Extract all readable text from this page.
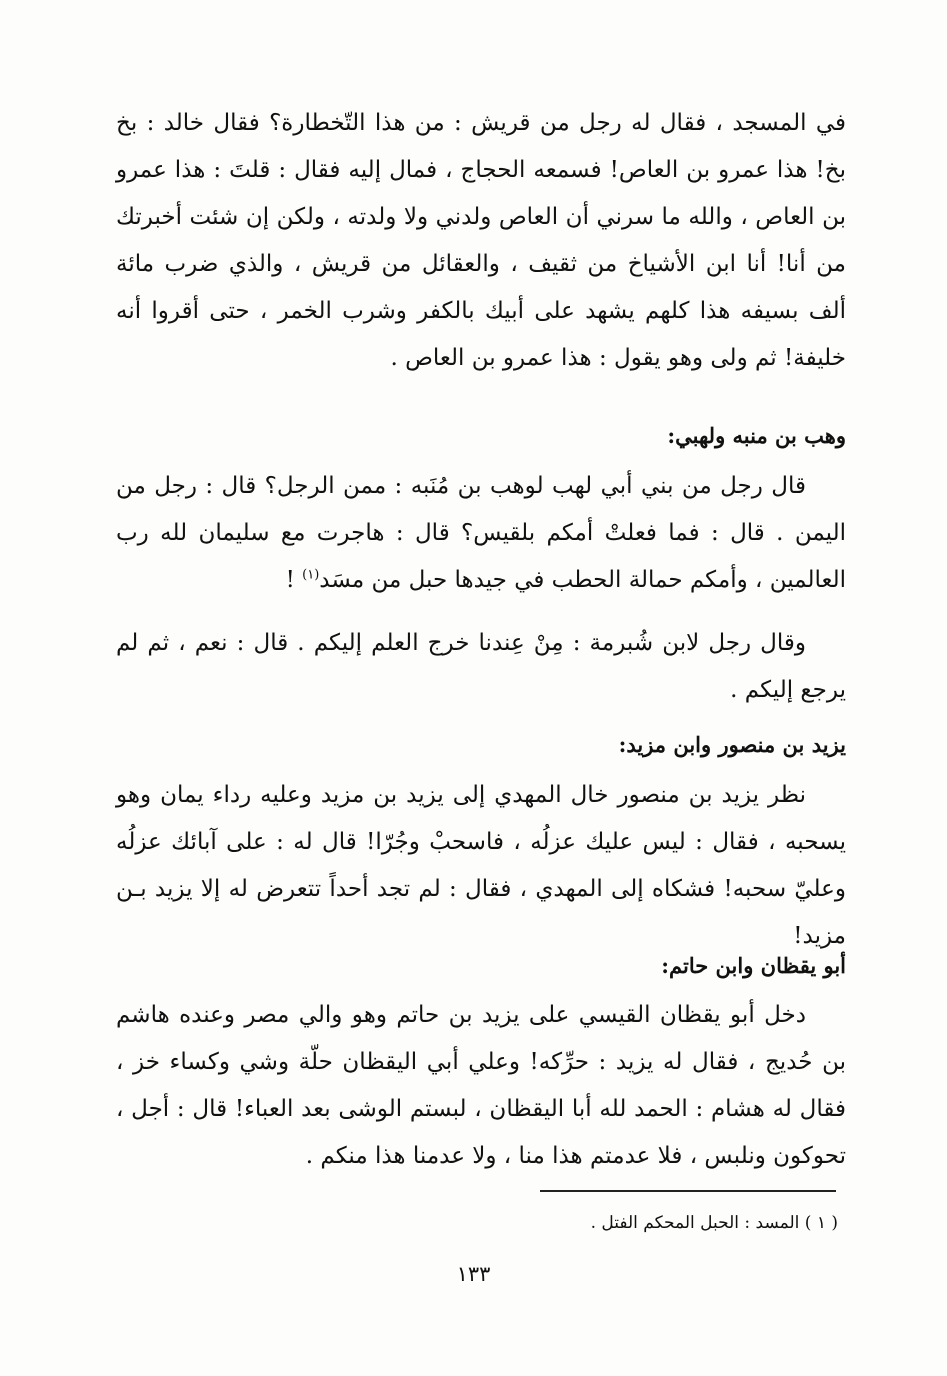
في المسجد ، فقال له رجل من قريش : من هذا التّخطارة؟ فقال خالد : بخ بخ! هذا عمرو بن العاص! فسمعه الحجاج ، فمال إليه فقال : قلتَ : هذا عمرو بن العاص ، والله ما سرني أن العاص ولدني ولا ولدته ، ولكن إن شئت أخبرتك من أنا! أنا ابن الأشياخ من ثقيف ، والعقائل من قريش ، والذي ضرب مائة ألف بسيفه هذا كلهم يشهد على أبيك بالكفر وشرب الخمر ، حتى أقروا أنه خليفة! ثم ولى وهو يقول : هذا عمرو بن العاص .

وهب بن منبه ولهبي:

قال رجل من بني أبي لهب لوهب بن مُنَبه : ممن الرجل؟ قال : رجل من اليمن . قال : فما فعلتْ أمكم بلقيس؟ قال : هاجرت مع سليمان لله رب العالمين ، وأمكم حمالة الحطب في جيدها حبل من مسَد$^{(١)}$ !

وقال رجل لابن شُبرمة : مِنْ عِندنا خرج العلم إليكم . قال : نعم ، ثم لم يرجع إليكم .

يزيد بن منصور وابن مزيد:

نظر يزيد بن منصور خال المهدي إلى يزيد بن مزيد وعليه رداء يمان وهو يسحبه ، فقال : ليس عليك عزلُه ، فاسحبْ وجُرّا! قال له : على آبائك عزلُه وعليّ سحبه! فشكاه إلى المهدي ، فقال : لم تجد أحداً تتعرض له إلا يزيد بـن مزيد!

أبو يقظان وابن حاتم:

دخل أبو يقظان القيسي على يزيد بن حاتم وهو والي مصر وعنده هاشم بن حُديج ، فقال له يزيد : حرِّكه! وعلي أبي اليقظان حلّة وشي وكساء خز ، فقال له هشام : الحمد لله أبا اليقظان ، لبستم الوشى بعد العباء! قال : أجل ، تحوكون ونلبس ، فلا عدمتم هذا منا ، ولا عدمنا هذا منكم .

( ١ ) المسد : الحبل المحكم الفتل .
١٣٣
